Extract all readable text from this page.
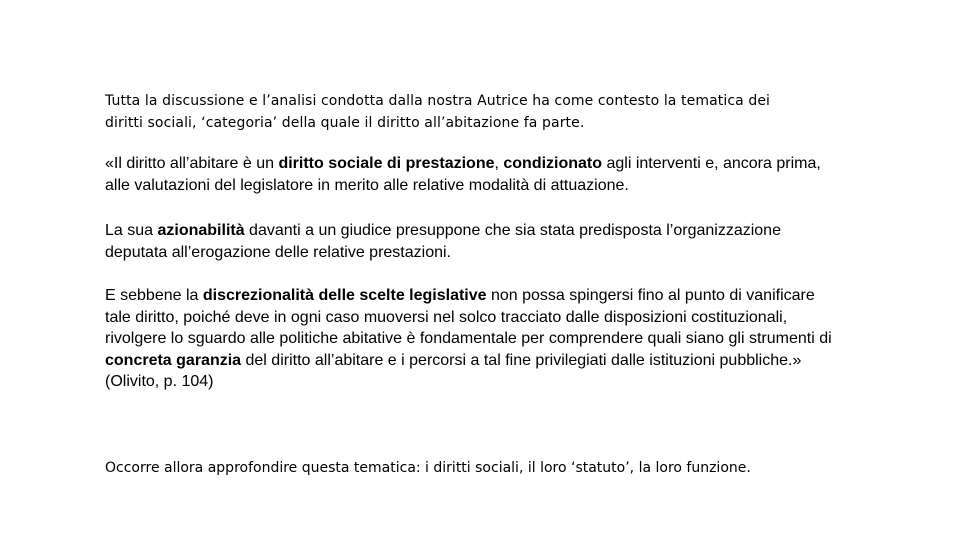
Tutta la discussione e l’analisi condotta dalla nostra Autrice ha come contesto la tematica dei

diritti sociali, ‘categoria’ della quale il diritto all’abitazione fa parte.

«Il diritto all’abitare è un diritto sociale di prestazione, condizionato agli interventi e, ancora prima, alle valutazioni del legislatore in merito alle relative modalità di attuazione.

La sua azionabilità davanti a un giudice presuppone che sia stata predisposta l’organizzazione deputata all’erogazione delle relative prestazioni.

E sebbene la discrezionalità delle scelte legislative non possa spingersi fino al punto di vanificare tale diritto, poiché deve in ogni caso muoversi nel solco tracciato dalle disposizioni costituzionali, rivolgere lo sguardo alle politiche abitative è fondamentale per comprendere quali siano gli strumenti di concreta garanzia del diritto all’abitare e i percorsi a tal fine privilegiati dalle istituzioni pubbliche.» (Olivito, p. 104)

Occorre allora approfondire questa tematica: i diritti sociali, il loro ‘statuto’, la loro funzione.
